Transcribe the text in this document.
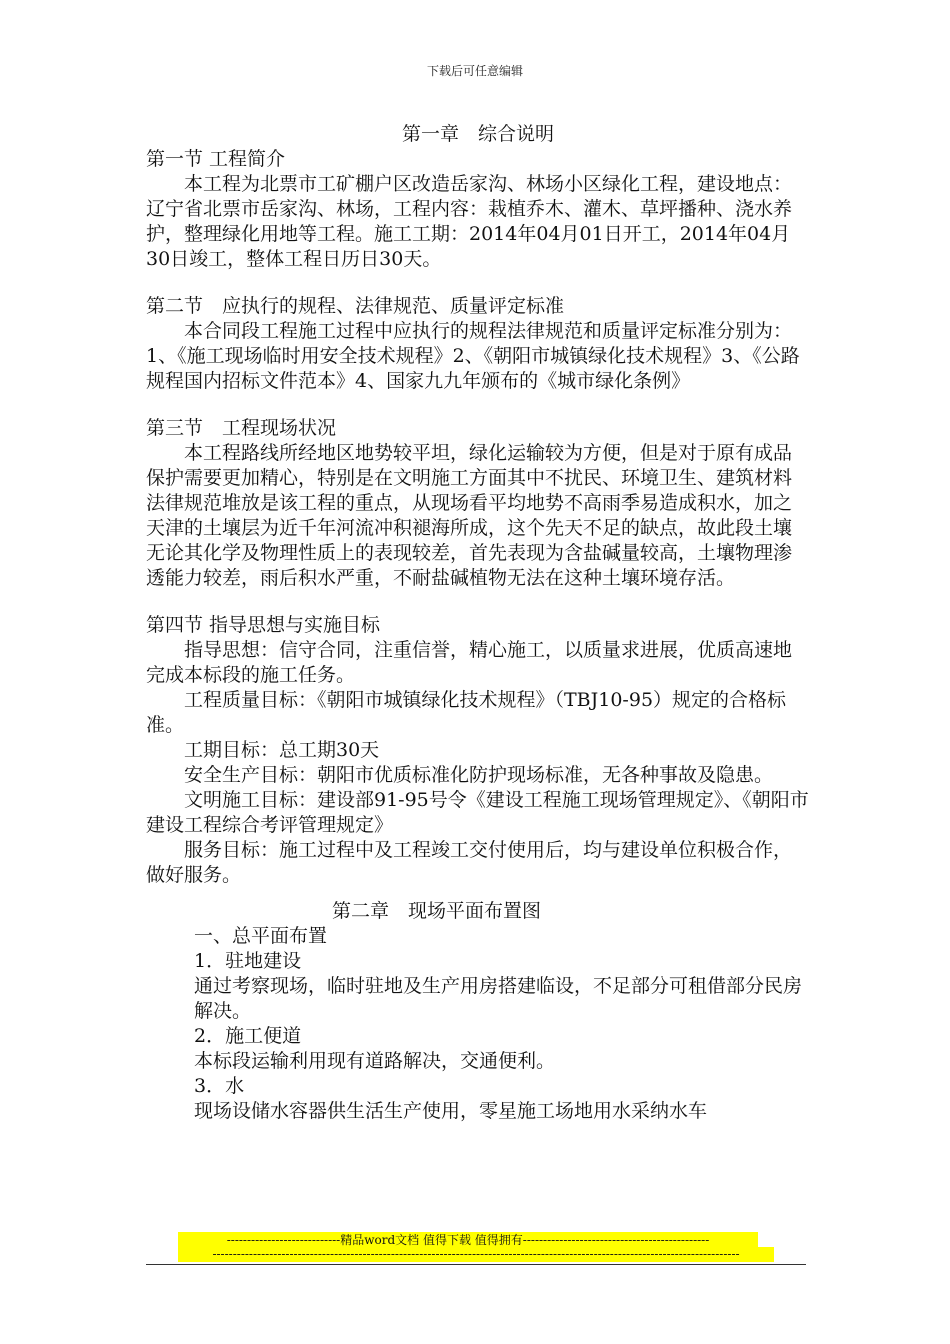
下载后可任意编辑

第一章　综合说明

第一节 工程简介

本工程为北票市工矿棚户区改造岳家沟、林场小区绿化工程，建设地点：辽宁省北票市岳家沟、林场，工程内容：栽植乔木、灌木、草坪播种、浇水养护，整理绿化用地等工程。施工工期：2014年04月01日开工，2014年04月30日竣工，整体工程日历日30天。

第二节　应执行的规程、法律规范、质量评定标准

本合同段工程施工过程中应执行的规程法律规范和质量评定标准分别为：1、《施工现场临时用安全技术规程》2、《朝阳市城镇绿化技术规程》3、《公路规程国内招标文件范本》4、国家九九年颁布的《城市绿化条例》

第三节　工程现场状况

本工程路线所经地区地势较平坦，绿化运输较为方便，但是对于原有成品保护需要更加精心，特别是在文明施工方面其中不扰民、环境卫生、建筑材料法律规范堆放是该工程的重点，从现场看平均地势不高雨季易造成积水，加之天津的土壤层为近千年河流冲积褪海所成，这个先天不足的缺点，故此段土壤无论其化学及物理性质上的表现较差，首先表现为含盐碱量较高，土壤物理渗透能力较差，雨后积水严重，不耐盐碱植物无法在这种土壤环境存活。

第四节 指导思想与实施目标

指导思想：信守合同，注重信誉，精心施工，以质量求进展，优质高速地完成本标段的施工任务。

工程质量目标：《朝阳市城镇绿化技术规程》（TBJ10-95）规定的合格标准。

工期目标：总工期30天

安全生产目标：朝阳市优质标准化防护现场标准，无各种事故及隐患。

文明施工目标：建设部91-95号令《建设工程施工现场管理规定》、《朝阳市建设工程综合考评管理规定》

服务目标：施工过程中及工程竣工交付使用后，均与建设单位积极合作，做好服务。

第二章　现场平面布置图

一、总平面布置

1．驻地建设

通过考察现场，临时驻地及生产用房搭建临设，不足部分可租借部分民房解决。

2．施工便道

本标段运输利用现有道路解决，交通便利。

3．水

现场设储水容器供生活生产使用，零星施工场地用水采纳水车

----------------------------精品word文档 值得下载 值得拥有----------------------------------------------
----------------------------------------------------------------------------------------------------------------------------------
